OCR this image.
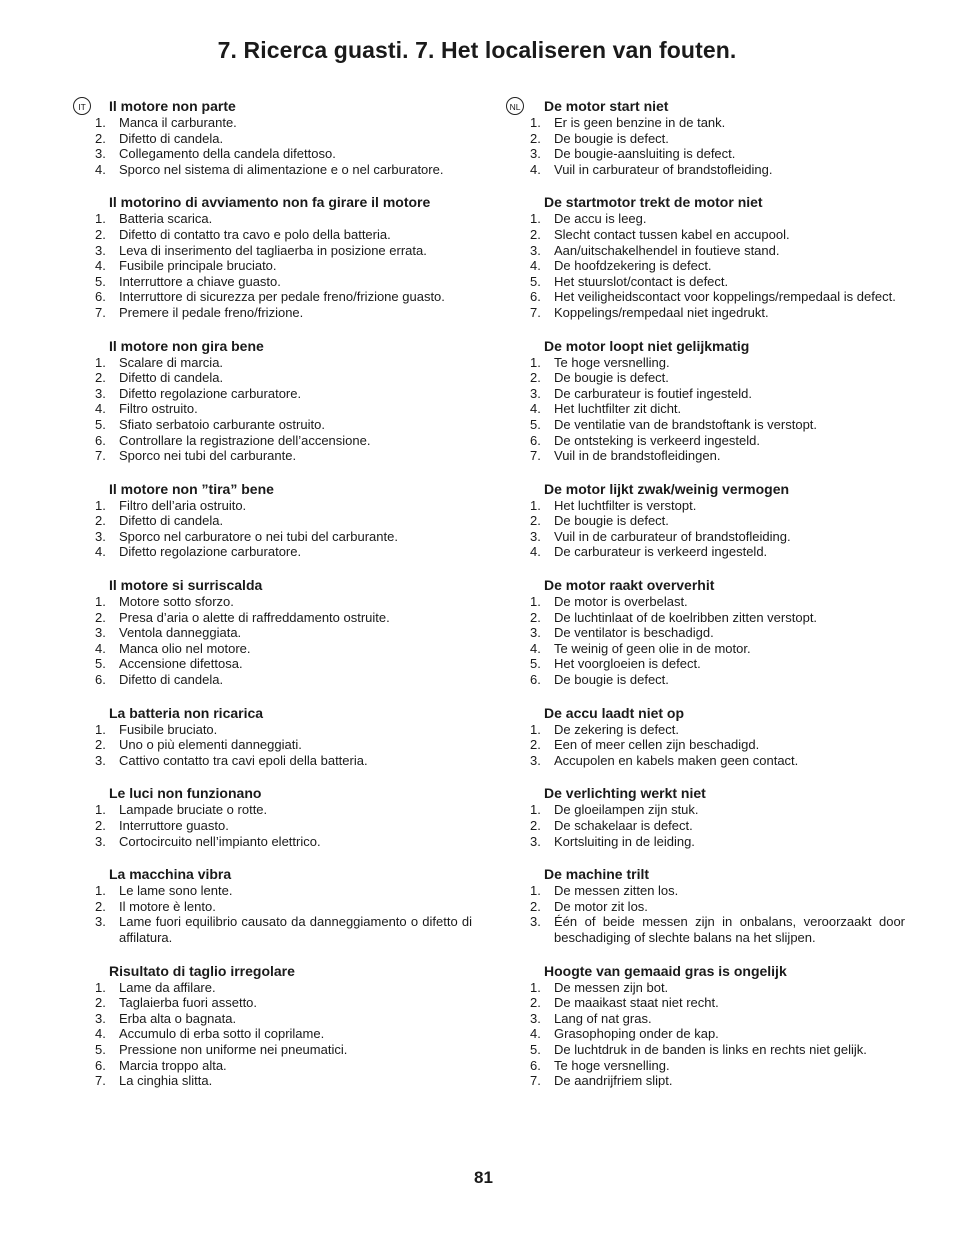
7. Ricerca guasti. 7. Het localiseren van fouten.
IT	NL
Il motore non parte
1.	Manca il carburante.
2.	Difetto di candela.
3.	Collegamento della candela difettoso.
4.	Sporco nel sistema di alimentazione e o nel carburatore.
Il motorino di avviamento non fa girare il motore
1.	Batteria scarica.
2.	Difetto di contatto tra cavo e polo della batteria.
3.	Leva di inserimento del tagliaerba in posizione errata.
4.	Fusibile principale bruciato.
5.	Interruttore a chiave guasto.
6.	Interruttore di sicurezza per pedale freno/frizione guasto.
7.	Premere il pedale freno/frizione.
Il motore non gira bene
1.	Scalare di marcia.
2.	Difetto di candela.
3.	Difetto regolazione carburatore.
4.	Filtro ostruito.
5.	Sfiato serbatoio carburante ostruito.
6.	Controllare la registrazione dell’accensione.
7.	Sporco nei tubi del carburante.
Il motore non ”tira” bene
1.	Filtro dell’aria ostruito.
2.	Difetto di candela.
3.	Sporco nel carburatore o nei tubi del carburante.
4.	Difetto regolazione carburatore.
Il motore si surriscalda
1.	Motore sotto sforzo.
2.	Presa d’aria o alette di raffreddamento ostruite.
3.	Ventola danneggiata.
4.	Manca olio nel motore.
5.	Accensione difettosa.
6.	Difetto di candela.
La batteria non ricarica
1.	Fusibile bruciato.
2.	Uno o più elementi danneggiati.
3.	Cattivo contatto tra cavi epoli della batteria.
Le luci non funzionano
1.	Lampade bruciate o rotte.
2.	Interruttore guasto.
3.	Cortocircuito nell’impianto elettrico.
La macchina vibra
1.	Le lame sono lente.
2.	Il motore è lento.
3.	Lame fuori equilibrio causato da danneggiamento o difetto di affilatura.
Risultato di taglio irregolare
1.	Lame da affilare.
2.	Taglaierba fuori assetto.
3.	Erba alta o bagnata.
4.	Accumulo di erba sotto il coprilame.
5.	Pressione non uniforme nei pneumatici.
6.	Marcia troppo alta.
7.	La cinghia slitta.
De motor start niet
1.	Er is geen benzine in de tank.
2.	De bougie is defect.
3.	De bougie-aansluiting is defect.
4.	Vuil in carburateur of brandstofleiding.
De startmotor trekt de motor niet
1.	De accu is leeg.
2.	Slecht contact tussen kabel en accupool.
3.	Aan/uitschakelhendel in foutieve stand.
4.	De hoofdzekering is defect.
5.	Het stuurslot/contact is defect.
6.	Het veiligheidscontact voor koppelings/rempedaal is defect.
7.	Koppelings/rempedaal niet ingedrukt.
De motor loopt niet gelijkmatig
1.	Te hoge versnelling.
2.	De bougie is defect.
3.	De carburateur is foutief ingesteld.
4.	Het luchtfilter zit dicht.
5.	De ventilatie van de brandstoftank is verstopt.
6.	De ontsteking is verkeerd ingesteld.
7.	Vuil in de brandstofleidingen.
De motor lijkt zwak/weinig vermogen
1.	Het luchtfilter is verstopt.
2.	De bougie is defect.
3.	Vuil in de carburateur of brandstofleiding.
4.	De carburateur is verkeerd ingesteld.
De motor raakt oververhit
1.	De motor is overbelast.
2.	De luchtinlaat of de koelribben zitten verstopt.
3.	De ventilator is beschadigd.
4.	Te weinig of geen olie in de motor.
5.	Het voorgloeien is defect.
6.	De bougie is defect.
De accu laadt niet op
1.	De zekering is defect.
2.	Een of meer cellen zijn beschadigd.
3.	Accupolen en kabels maken geen contact.
De verlichting werkt niet
1.	De gloeilampen zijn stuk.
2.	De schakelaar is defect.
3.	Kortsluiting in de leiding.
De machine trilt
1.	De messen zitten los.
2.	De motor zit los.
3.	Één of beide messen zijn in onbalans, veroorzaakt door beschadiging of slechte balans na het slijpen.
Hoogte van gemaaid gras is ongelijk
1.	De messen zijn bot.
2.	De maaikast staat niet recht.
3.	Lang of nat gras.
4.	Grasophoping onder de kap.
5.	De luchtdruk in de banden is links en rechts niet gelijk.
6.	Te hoge versnelling.
7.	De aandrijfriem slipt.
81
